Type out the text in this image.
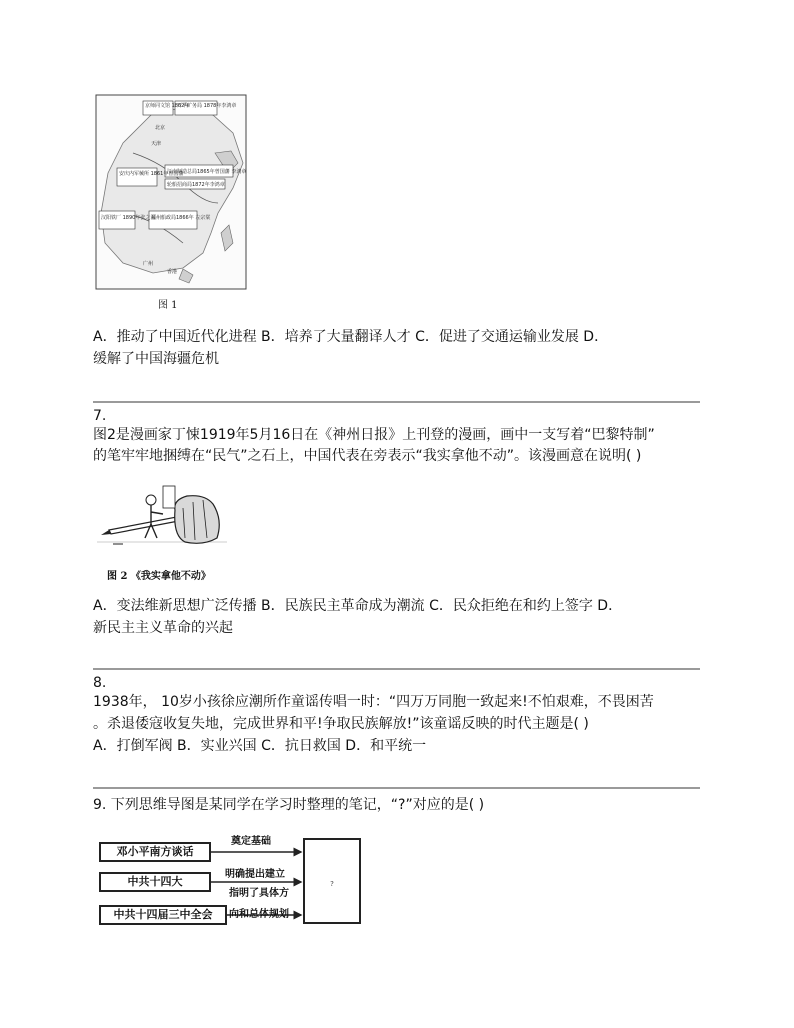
京师同文馆 1862年
开平矿务局 1878年李鸿章
安庆内军械所 1861年曾国藩
江南制造总局1865年曾国藩 李鸿章
轮船招商局1872年李鸿章
福州船政局1866年 左宗棠
汉阳铁厂 1890年张之洞
北京
天津
广州
香港
图 1

A．推动了中国近代化进程 B．培养了大量翻译人才 C．促进了交通运输业发展 D．

缓解了中国海疆危机

7.

图2是漫画家丁悚1919年5月16日在《神州日报》上刊登的漫画，画中一支写着“巴黎特制”

的笔牢牢地捆缚在“民气”之石上，中国代表在旁表示“我实拿他不动”。该漫画意在说明( )

图 2 《我实拿他不动》

A．变法维新思想广泛传播 B．民族民主革命成为潮流 C．民众拒绝在和约上签字 D．

新民主主义革命的兴起

8.

1938年， 10岁小孩徐应潮所作童谣传唱一时：“四万万同胞一致起来!不怕艰难，不畏困苦

。杀退倭寇收复失地，完成世界和平!争取民族解放!”该童谣反映的时代主题是( )

A．打倒军阀 B．实业兴国 C．抗日救国 D．和平统一

9. 下列思维导图是某同学在学习时整理的笔记，“?”对应的是( )

邓小平南方谈话
中共十四大
中共十四届三中全会
?
奠定基础
明确提出建立
指明了具体方
向和总体规划
